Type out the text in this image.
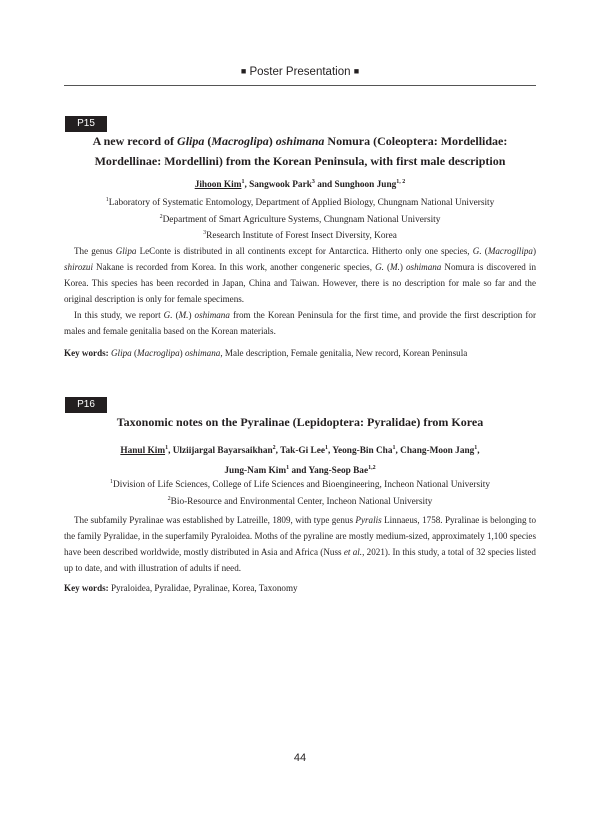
■ Poster Presentation ■
P15
A new record of Glipa (Macroglipa) oshimana Nomura (Coleoptera: Mordellidae:
Mordellinae: Mordellini) from the Korean Peninsula, with first male description
Jihoon Kim$^1$, Sangwook Park$^3$ and Sunghoon Jung$^{1, 2}$
$^1$Laboratory of Systematic Entomology, Department of Applied Biology, Chungnam National University
$^2$Department of Smart Agriculture Systems, Chungnam National University
$^3$Research Institute of Forest Insect Diversity, Korea

The genus Glipa LeConte is distributed in all continents except for Antarctica. Hitherto only one species, G. (Macrogllipa) shirozui Nakane is recorded from Korea. In this work, another congeneric species, G. (M.) oshimana Nomura is discovered in Korea. This species has been recorded in Japan, China and Taiwan. However, there is no description for male so far and the original description is only for female specimens.

In this study, we report G. (M.) oshimana from the Korean Peninsula for the first time, and provide the first description for males and female genitalia based on the Korean materials.

Key words: Glipa (Macroglipa) oshimana, Male description, Female genitalia, New record, Korean Peninsula
P16
Taxonomic notes on the Pyralinae (Lepidoptera: Pyralidae) from Korea
Hanul Kim$^1$, Ulziijargal Bayarsaikhan$^2$, Tak-Gi Lee$^1$, Yeong-Bin Cha$^1$, Chang-Moon Jang$^1$,
Jung-Nam Kim$^1$ and Yang-Seop Bae$^{1,2}$
$^1$Division of Life Sciences, College of Life Sciences and Bioengineering, Incheon National University
$^2$Bio-Resource and Environmental Center, Incheon National University

The subfamily Pyralinae was established by Latreille, 1809, with type genus Pyralis Linnaeus, 1758. Pyralinae is belonging to the family Pyralidae, in the superfamily Pyraloidea. Moths of the pyraline are mostly medium-sized, approximately 1,100 species have been described worldwide, mostly distributed in Asia and Africa (Nuss et al., 2021). In this study, a total of 32 species listed up to date, and with illustration of adults if need.

Key words: Pyraloidea, Pyralidae, Pyralinae, Korea, Taxonomy
44
